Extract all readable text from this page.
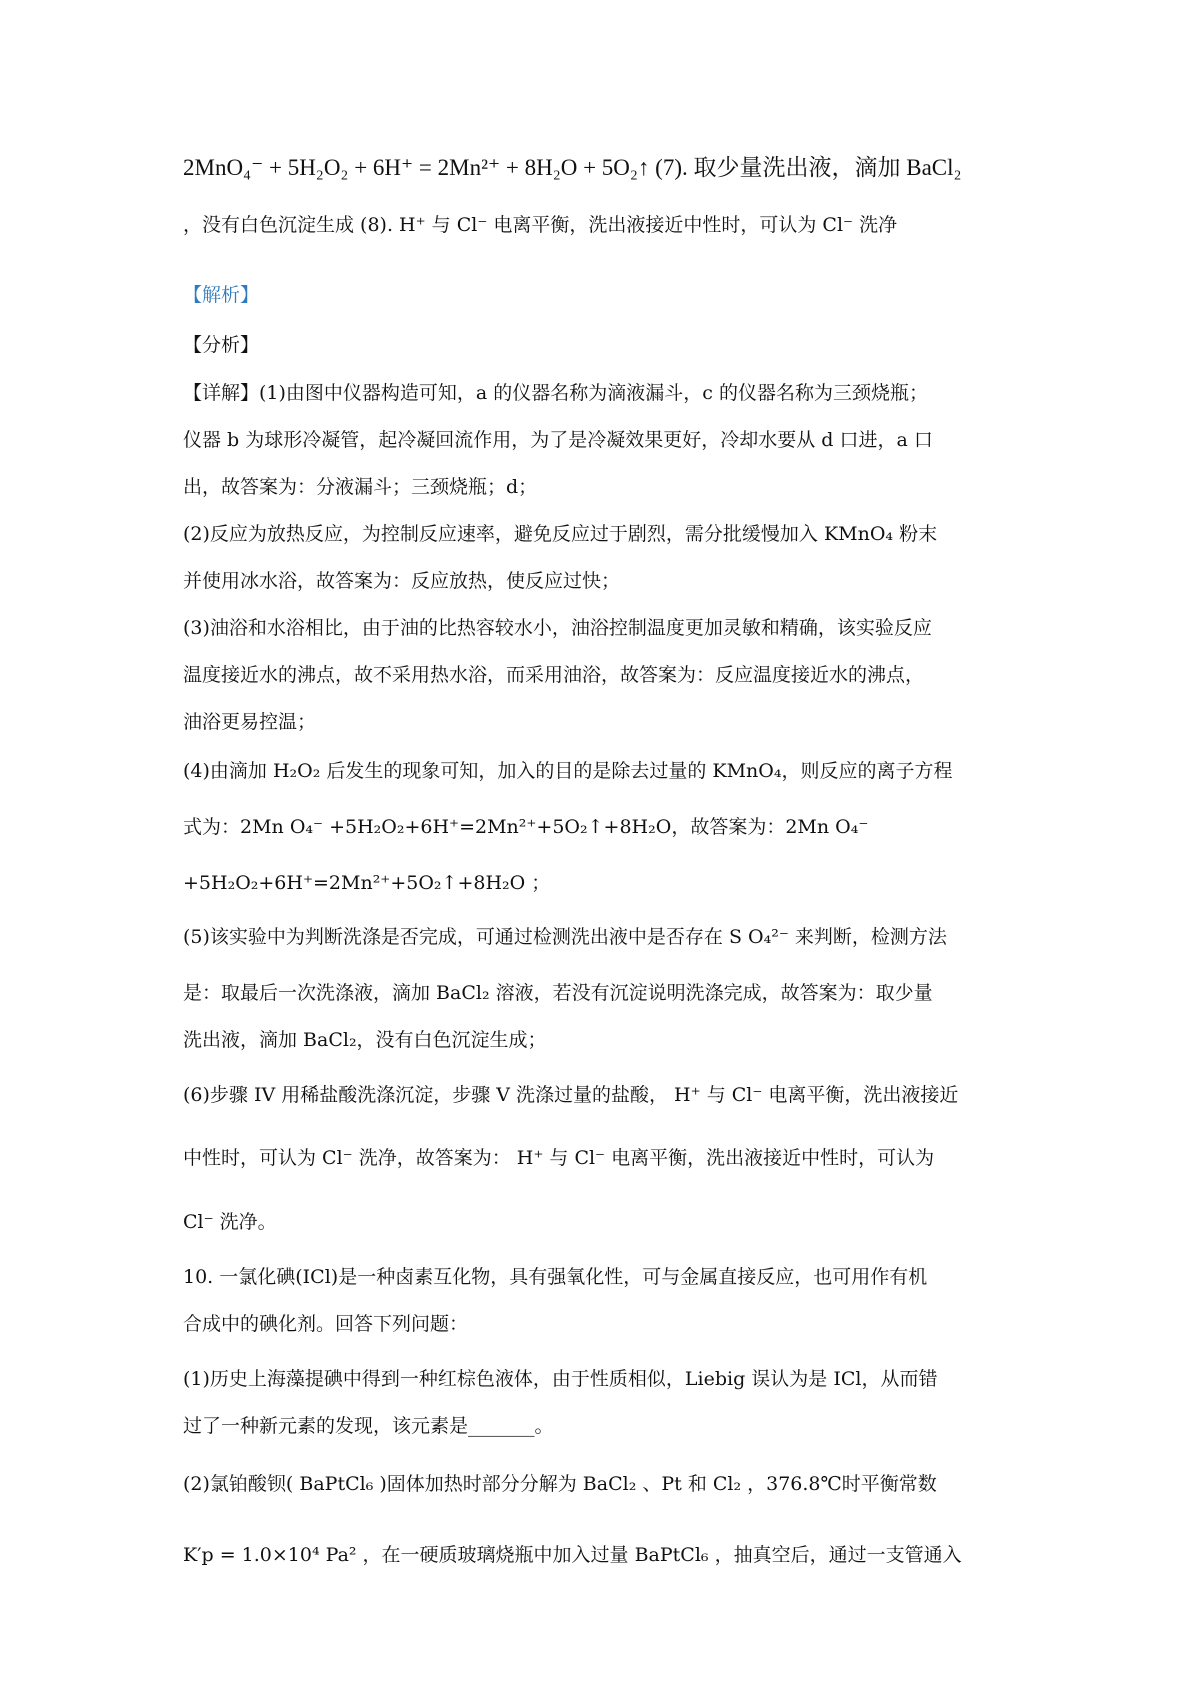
2MnO₄⁻ + 5H₂O₂ + 6H⁺ = 2Mn²⁺ + 8H₂O + 5O₂↑ (7). 取少量洗出液，滴加 BaCl₂
，没有白色沉淀生成 (8). H⁺ 与 Cl⁻ 电离平衡，洗出液接近中性时，可认为 Cl⁻ 洗净
【解析】
【分析】
【详解】(1)由图中仪器构造可知，a 的仪器名称为滴液漏斗，c 的仪器名称为三颈烧瓶；
仪器 b 为球形冷凝管，起冷凝回流作用，为了是冷凝效果更好，冷却水要从 d 口进，a 口
出，故答案为：分液漏斗；三颈烧瓶；d；
(2)反应为放热反应，为控制反应速率，避免反应过于剧烈，需分批缓慢加入 KMnO₄ 粉末
并使用冰水浴，故答案为：反应放热，使反应过快；
(3)油浴和水浴相比，由于油的比热容较水小，油浴控制温度更加灵敏和精确，该实验反应
温度接近水的沸点，故不采用热水浴，而采用油浴，故答案为：反应温度接近水的沸点，
油浴更易控温；
(4)由滴加 H₂O₂ 后发生的现象可知，加入的目的是除去过量的 KMnO₄，则反应的离子方程
式为：2Mn O₄⁻ +5H₂O₂+6H⁺=2Mn²⁺+5O₂↑+8H₂O，故答案为：2Mn O₄⁻
+5H₂O₂+6H⁺=2Mn²⁺+5O₂↑+8H₂O ；
(5)该实验中为判断洗涤是否完成，可通过检测洗出液中是否存在 S O₄²⁻ 来判断，检测方法
是：取最后一次洗涤液，滴加 BaCl₂ 溶液，若没有沉淀说明洗涤完成，故答案为：取少量
洗出液，滴加 BaCl₂，没有白色沉淀生成；
(6)步骤 IV 用稀盐酸洗涤沉淀，步骤 V 洗涤过量的盐酸， H⁺ 与 Cl⁻ 电离平衡，洗出液接近
中性时，可认为 Cl⁻ 洗净，故答案为： H⁺ 与 Cl⁻ 电离平衡，洗出液接近中性时，可认为
Cl⁻ 洗净。
10. 一氯化碘(ICl)是一种卤素互化物，具有强氧化性，可与金属直接反应，也可用作有机
合成中的碘化剂。回答下列问题：
(1)历史上海藻提碘中得到一种红棕色液体，由于性质相似，Liebig 误认为是 ICl，从而错
过了一种新元素的发现，该元素是_______。
(2)氯铂酸钡( BaPtCl₆ )固体加热时部分分解为 BaCl₂ 、Pt 和 Cl₂ ，376.8℃时平衡常数
K′p = 1.0×10⁴ Pa² ，在一硬质玻璃烧瓶中加入过量 BaPtCl₆ ，抽真空后，通过一支管通入
